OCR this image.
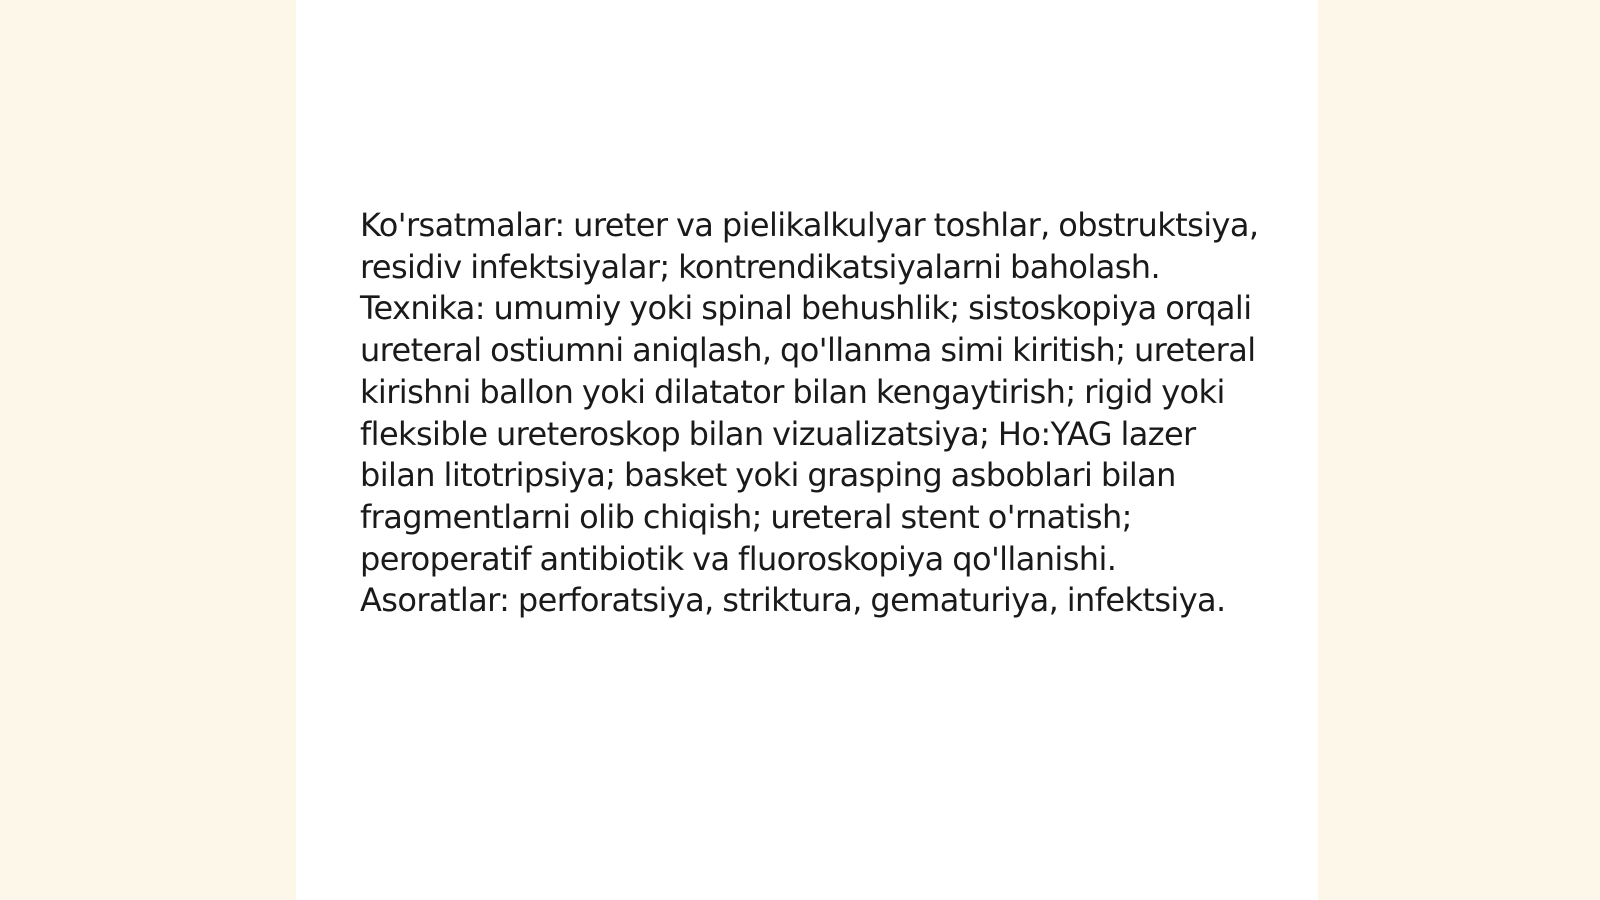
Ko'rsatmalar: ureter va pielikalkulyar toshlar, obstruktsiya, residiv infektsiyalar; kontrendikatsiyalarni baholash. Texnika: umumiy yoki spinal behushlik; sistoskopiya orqali ureteral ostiumni aniqlash, qo'llanma simi kiritish; ureteral kirishni ballon yoki dilatator bilan kengaytirish; rigid yoki fleksible ureteroskop bilan vizualizatsiya; Ho:YAG lazer bilan litotripsiya; basket yoki grasping asboblari bilan fragmentlarni olib chiqish; ureteral stent o'rnatish; peroperatif antibiotik va fluoroskopiya qo'llanishi. Asoratlar: perforatsiya, striktura, gematuriya, infektsiya.
